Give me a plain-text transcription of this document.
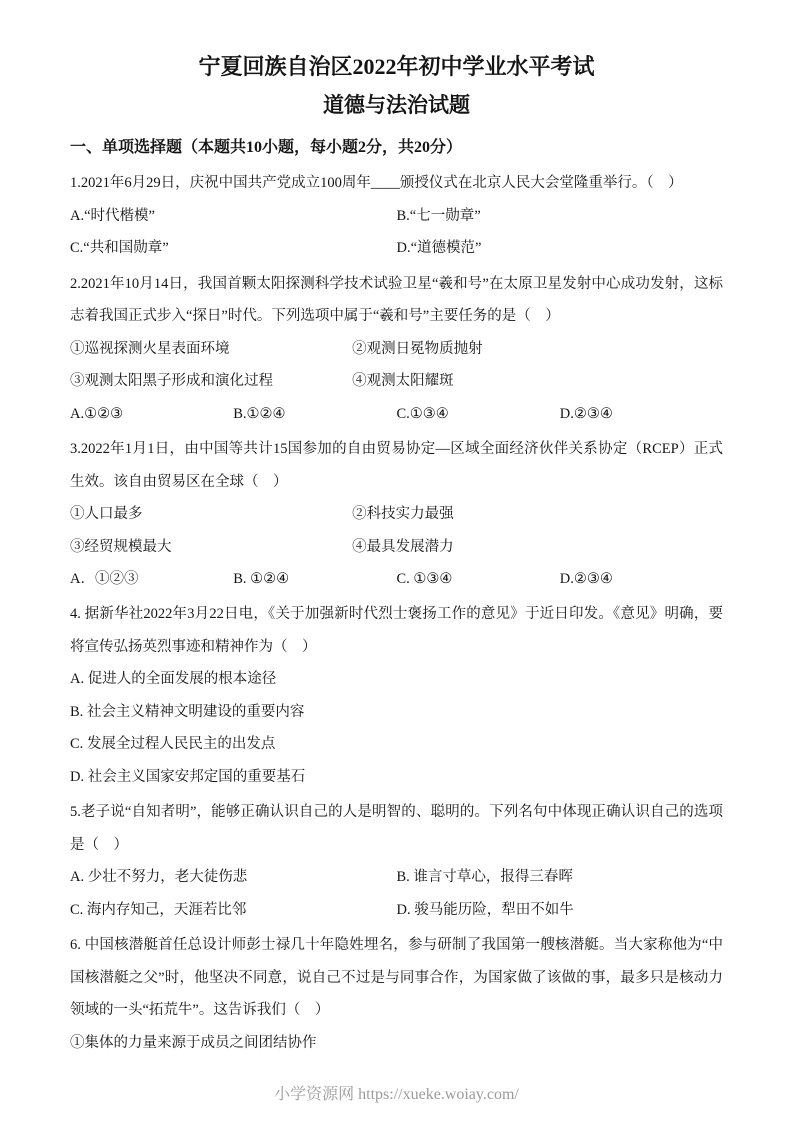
宁夏回族自治区2022年初中学业水平考试
道德与法治试题

一、单项选择题（本题共10小题，每小题2分，共20分）

1.2021年6月29日，庆祝中国共产党成立100周年____颁授仪式在北京人民大会堂隆重举行。（　）

A.“时代楷模”	B.“七一勋章”
C.“共和国勋章”	D.“道德模范”

2.2021年10月14日，我国首颗太阳探测科学技术试验卫星“羲和号”在太原卫星发射中心成功发射，这标志着我国正式步入“探日”时代。下列选项中属于“羲和号”主要任务的是（　）

①巡视探测火星表面环境	②观测日冕物质抛射
③观测太阳黑子形成和演化过程	④观测太阳耀斑
A.①②③	B.①②④	C.①③④	D.②③④

3.2022年1月1日，由中国等共计15国参加的自由贸易协定—区域全面经济伙伴关系协定（RCEP）正式生效。该自由贸易区在全球（　）

①人口最多	②科技实力最强
③经贸规模最大	④最具发展潜力
A．①②③	B. ①②④	C. ①③④	D.②③④

4. 据新华社2022年3月22日电，《关于加强新时代烈士褒扬工作的意见》于近日印发。《意见》明确，要将宣传弘扬英烈事迹和精神作为（　）

A. 促进人的全面发展的根本途径

B. 社会主义精神文明建设的重要内容

C. 发展全过程人民民主的出发点

D. 社会主义国家安邦定国的重要基石

5.老子说“自知者明”，能够正确认识自己的人是明智的、聪明的。下列名句中体现正确认识自己的选项是（　）

A. 少壮不努力，老大徒伤悲	B. 谁言寸草心，报得三春晖
C. 海内存知己，天涯若比邻	D. 骏马能历险，犁田不如牛

6. 中国核潜艇首任总设计师彭士禄几十年隐姓埋名，参与研制了我国第一艘核潜艇。当大家称他为“中国核潜艇之父”时，他坚决不同意，说自己不过是与同事合作，为国家做了该做的事，最多只是核动力领域的一头“拓荒牛”。这告诉我们（　）

①集体的力量来源于成员之间团结协作

小学资源网 https://xueke.woiay.com/
